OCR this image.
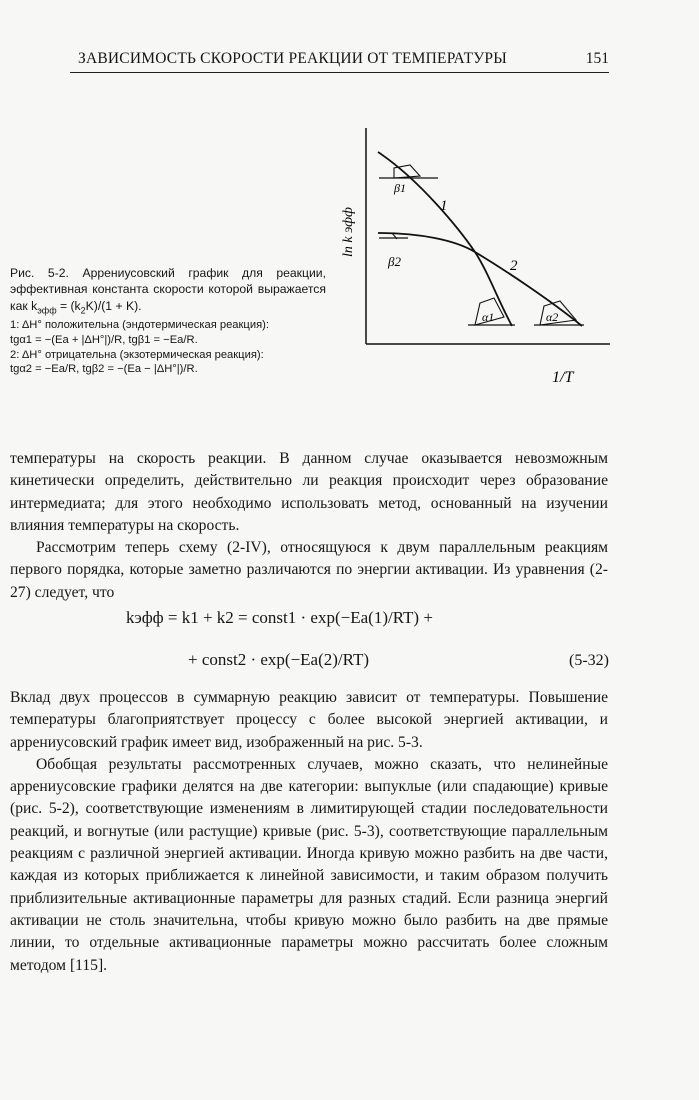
ЗАВИСИМОСТЬ СКОРОСТИ РЕАКЦИИ ОТ ТЕМПЕРАТУРЫ	151
ln k эфф
1/T
1
2
β1
β2
α1	α2

Рис. 5-2. Аррениусовский график для реакции, эффективная константа скорости которой выражается как $k_{эфф} = (k_2K)/(1 + K)$.

1: ΔH° положительна (эндотермическая реакция):

tgα1 = −(Ea + |ΔH°|)/R, tgβ1 = −Ea/R.

2: ΔH° отрицательна (экзотермическая реакция):

tgα2 = −Ea/R, tgβ2 = −(Ea − |ΔH°|)/R.

температуры на скорость реакции. В данном случае оказывается невозможным кинетически определить, действительно ли реакция происходит через образование интермедиата; для этого необходимо использовать метод, основанный на изучении влияния температуры на скорость.

Рассмотрим теперь схему (2-IV), относящуюся к двум параллельным реакциям первого порядка, которые заметно различаются по энергии активации. Из уравнения (2-27) следует, что

kэфф = k1 + k2 = const1 · exp(−Ea(1)/RT) +
+ const2 · exp(−Ea(2)/RT)	(5-32)

Вклад двух процессов в суммарную реакцию зависит от температуры. Повышение температуры благоприятствует процессу с более высокой энергией активации, и аррениусовский график имеет вид, изображенный на рис. 5-3.

Обобщая результаты рассмотренных случаев, можно сказать, что нелинейные аррениусовские графики делятся на две категории: выпуклые (или спадающие) кривые (рис. 5-2), соответствующие изменениям в лимитирующей стадии последовательности реакций, и вогнутые (или растущие) кривые (рис. 5-3), соответствующие параллельным реакциям с различной энергией активации. Иногда кривую можно разбить на две части, каждая из которых приближается к линейной зависимости, и таким образом получить приблизительные активационные параметры для разных стадий. Если разница энергий активации не столь значительна, чтобы кривую можно было разбить на две прямые линии, то отдельные активационные параметры можно рассчитать более сложным методом [115].
